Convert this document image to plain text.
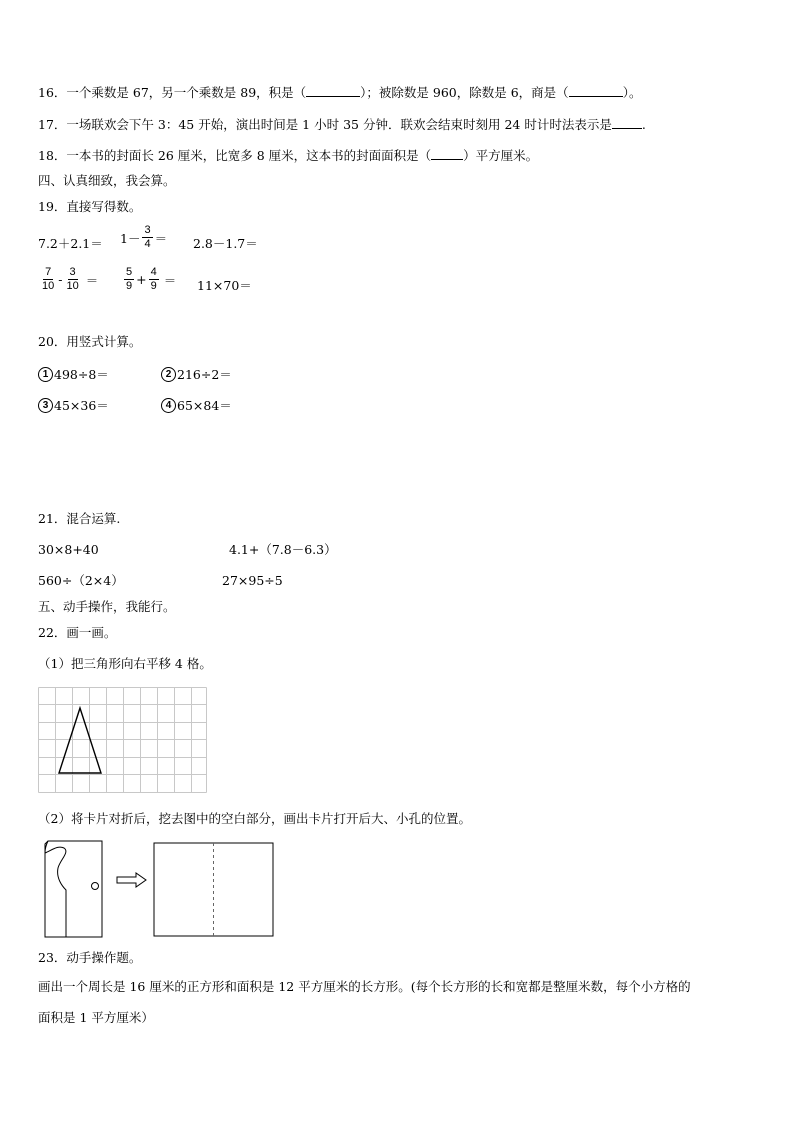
16．一个乘数是 67，另一个乘数是 89，积是（	）；被除数是 960，除数是 6，商是（	）。
17．一场联欢会下午 3：45 开始，演出时间是 1 小时 35 分钟．联欢会结束时刻用 24 时计时法表示是 .
18．一本书的封面长 26 厘米，比宽多 8 厘米，这本书的封面面积是（	）平方厘米。
四、认真细致，我会算。
19．直接写得数。
$7.2+2.1= 1- \frac{3}{4} = 2.8-1.7=$
$\frac{7}{10} - \frac{3}{10} = \frac{5}{9} + \frac{4}{9} = 11\times 70=$
20．用竖式计算。
1 498÷8＝	2 216÷2＝
3 45×36＝	4 65×84＝
21．混合运算.
30×8+40	4.1+（7.8－6.3）
560÷（2×4）	27×95÷5
五、动手操作，我能行。
22．画一画。
（1）把三角形向右平移 4 格。
（2）将卡片对折后，挖去图中的空白部分，画出卡片打开后大、小孔的位置。
23．动手操作题。
画出一个周长是 16 厘米的正方形和面积是 12 平方厘米的长方形。(每个长方形的长和宽都是整厘米数，每个小方格的
面积是 1 平方厘米）
